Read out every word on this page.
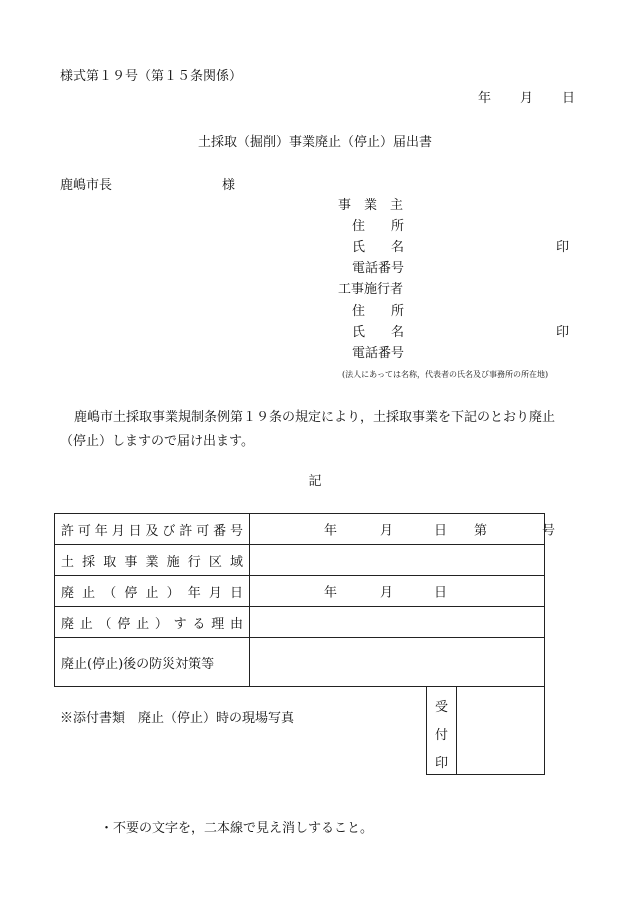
様式第１９号（第１５条関係）
年 月 日
土採取（掘削）事業廃止（停止）届出書
鹿嶋市長	様
事　業　主
住　　所
氏　　名	印
電話番号
工事施行者
住　　所
氏　　名	印
電話番号
(法人にあっては名称，代表者の氏名及び事務所の所在地)
鹿嶋市土採取事業規制条例第１９条の規定により，土採取事業を下記のとおり廃止（停止）しますので届け出ます。
記
許可年月日及び許可番号	年 月 日 第 号

土採取事業施行区域	
廃止（停止）年月日	年 月 日

廃止（停止）する理由	
廃止(停止)後の防災対策等	
※添付書類　廃止（停止）時の現場写真
受
付
印
・不要の文字を，二本線で見え消しすること。
